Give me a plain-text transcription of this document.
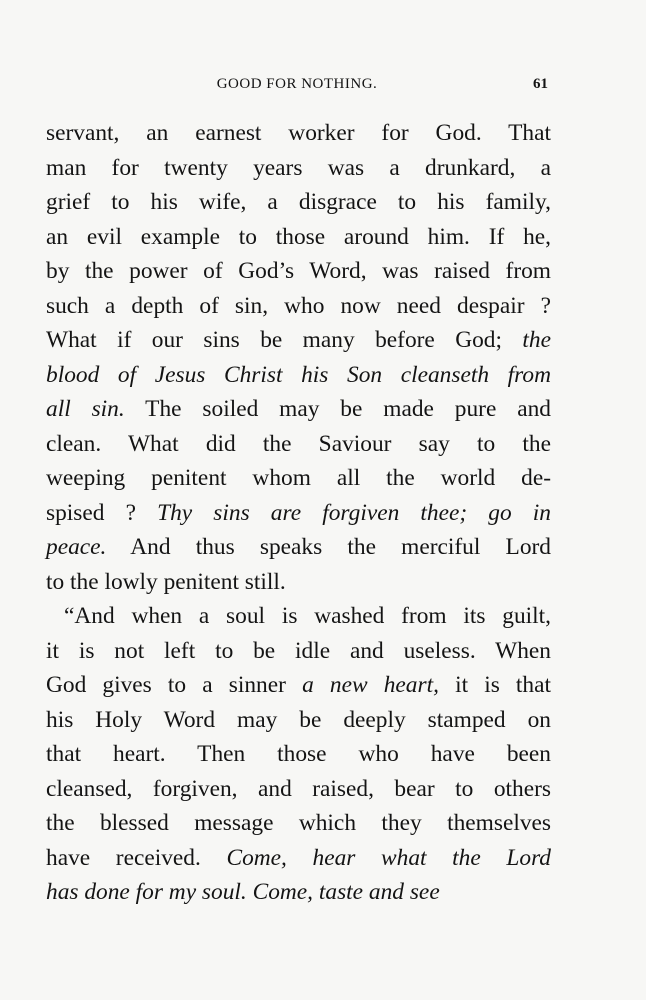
GOOD FOR NOTHING.	61
servant, an earnest worker for God. That
man for twenty years was a drunkard, a
grief to his wife, a disgrace to his family,
an evil example to those around him. If he,
by the power of God’s Word, was raised from
such a depth of sin, who now need despair ?
What if our sins be many before God; the
blood of Jesus Christ his Son cleanseth from
all sin. The soiled may be made pure and
clean. What did the Saviour say to the
weeping penitent whom all the world de-
spised ? Thy sins are forgiven thee; go in
peace. And thus speaks the merciful Lord
to the lowly penitent still.
“And when a soul is washed from its guilt,
it is not left to be idle and useless. When
God gives to a sinner a new heart, it is that
his Holy Word may be deeply stamped on
that heart. Then those who have been
cleansed, forgiven, and raised, bear to others
the blessed message which they themselves
have received. Come, hear what the Lord
has done for my soul. Come, taste and see
